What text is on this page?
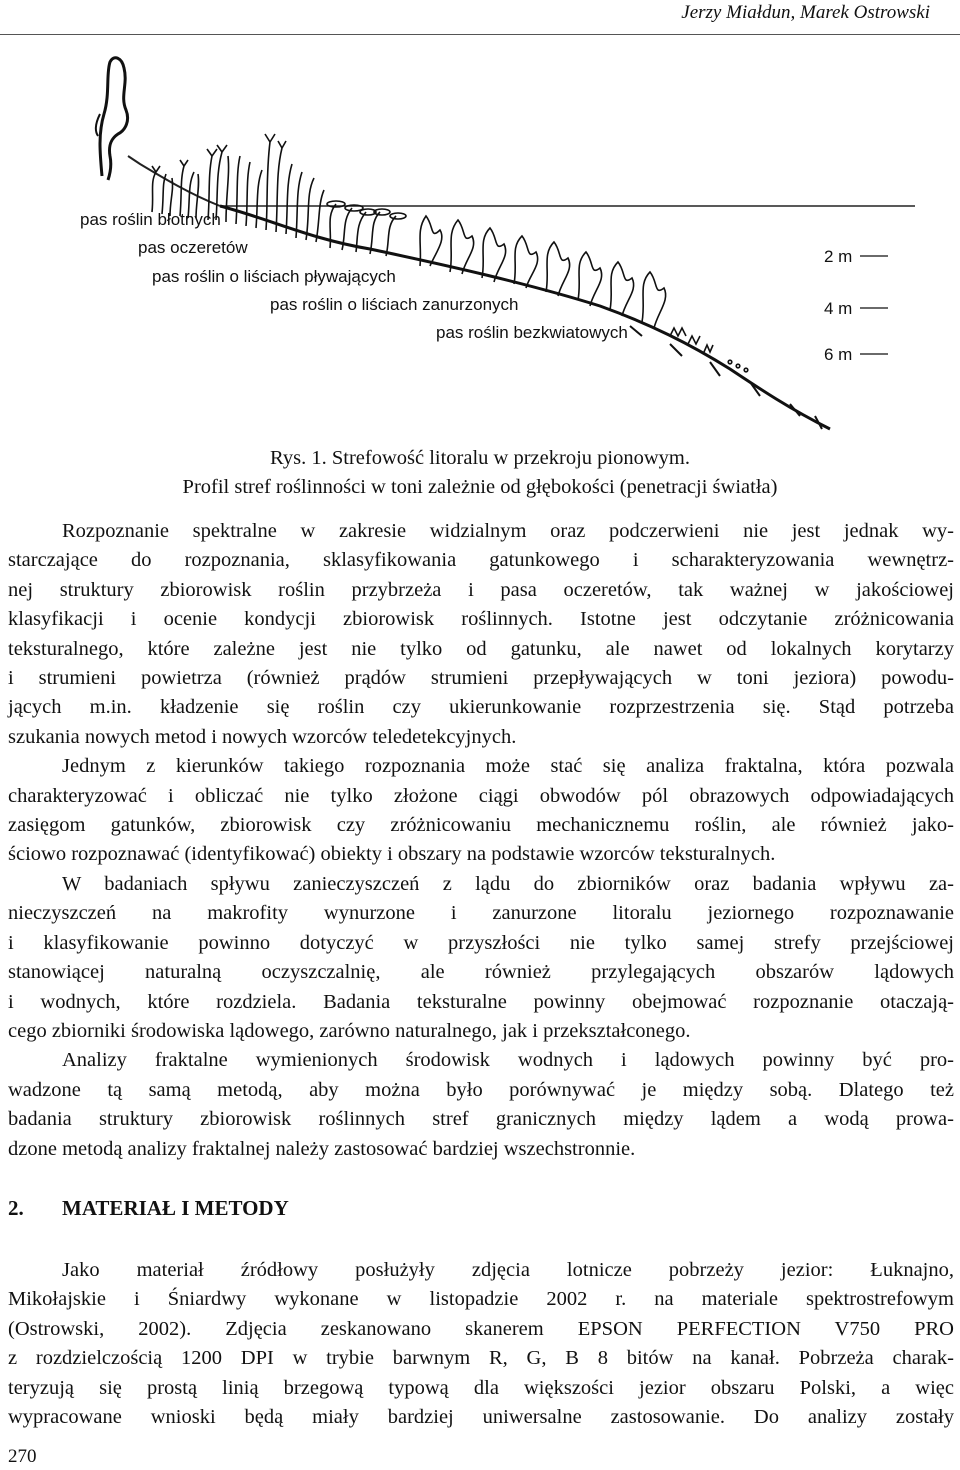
Jerzy Miałdun, Marek Ostrowski
pas roślin błotnych
pas oczeretów
pas roślin o liściach pływających
pas roślin o liściach zanurzonych
pas roślin bezkwiatowych
2 m
4 m
6 m
Rys. 1. Strefowość litoralu w przekroju pionowym.
Profil stref roślinności w toni zależnie od głębokości (penetracji światła)

Rozpoznanie spektralne w zakresie widzialnym oraz podczerwieni nie jest jednak wy-

starczające do rozpoznania, sklasyfikowania gatunkowego i scharakteryzowania wewnętrz-

nej struktury zbiorowisk roślin przybrzeża i pasa oczeretów, tak ważnej w jakościowej

klasyfikacji i ocenie kondycji zbiorowisk roślinnych. Istotne jest odczytanie zróżnicowania

teksturalnego, które zależne jest nie tylko od gatunku, ale nawet od lokalnych korytarzy

i strumieni powietrza (również prądów strumieni przepływających w toni jeziora) powodu-

jących m.in. kładzenie się roślin czy ukierunkowanie rozprzestrzenia się. Stąd potrzeba

szukania nowych metod i nowych wzorców teledetekcyjnych.

Jednym z kierunków takiego rozpoznania może stać się analiza fraktalna, która pozwala

charakteryzować i obliczać nie tylko złożone ciągi obwodów pól obrazowych odpowiadających

zasięgom gatunków, zbiorowisk czy zróżnicowaniu mechanicznemu roślin, ale również jako-

ściowo rozpoznawać (identyfikować) obiekty i obszary na podstawie wzorców teksturalnych.

W badaniach spływu zanieczyszczeń z lądu do zbiorników oraz badania wpływu za-

nieczyszczeń na makrofity wynurzone i zanurzone litoralu jeziornego rozpoznawanie

i klasyfikowanie powinno dotyczyć w przyszłości nie tylko samej strefy przejściowej

stanowiącej naturalną oczyszczalnię, ale również przylegających obszarów lądowych

i wodnych, które rozdziela. Badania teksturalne powinny obejmować rozpoznanie otaczają-

cego zbiorniki środowiska lądowego, zarówno naturalnego, jak i przekształconego.

Analizy fraktalne wymienionych środowisk wodnych i lądowych powinny być pro-

wadzone tą samą metodą, aby można było porównywać je między sobą. Dlatego też

badania struktury zbiorowisk roślinnych stref granicznych między lądem a wodą prowa-

dzone metodą analizy fraktalnej należy zastosować bardziej wszechstronnie.

2. MATERIAŁ I METODY

Jako materiał źródłowy posłużyły zdjęcia lotnicze pobrzeży jezior: Łuknajno,

Mikołajskie i Śniardwy wykonane w listopadzie 2002 r. na materiale spektrostrefowym

(Ostrowski, 2002). Zdjęcia zeskanowano skanerem EPSON PERFECTION V750 PRO

z rozdzielczością 1200 DPI w trybie barwnym R, G, B 8 bitów na kanał. Pobrzeża charak-

teryzują się prostą linią brzegową typową dla większości jezior obszaru Polski, a więc

wypracowane wnioski będą miały bardziej uniwersalne zastosowanie. Do analizy zostały

270
